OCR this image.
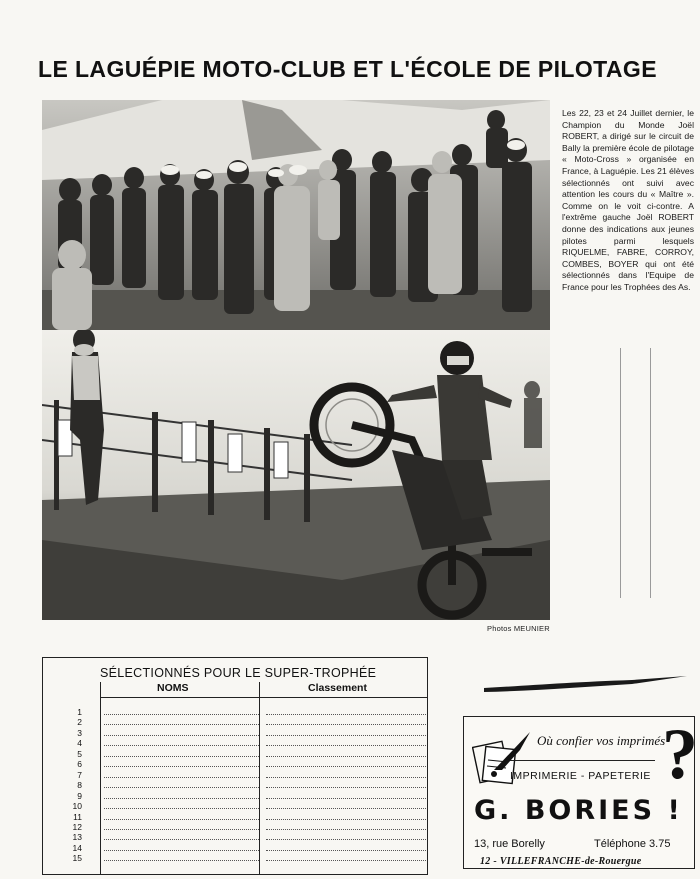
LE LAGUÉPIE MOTO-CLUB ET L'ÉCOLE DE PILOTAGE
Les 22, 23 et 24 Juillet dernier, le Champion du Monde Joël ROBERT, a dirigé sur le circuit de Bally la première école de pilotage « Moto-Cross » organisée en France, à Laguépie. Les 21 élèves sélectionnés ont suivi avec attention les cours du « Maître ». Comme on le voit ci-contre. A l'extrême gauche Joël ROBERT donne des indications aux jeunes pilotes parmi lesquels RIQUELME, FABRE, CORROY, COMBES, BOYER qui ont été sélectionnés dans l'Equipe de France pour les Trophées des As.
Photos MEUNIER
SÉLECTIONNÉS POUR LE SUPER-TROPHÉE
NOMS	Classement
1
2
3
4
5
6
7
8
9
10
11
12
13
14
15
Où confier vos imprimés
?
IMPRIMERIE - PAPETERIE
G. BORIES !
13, rue Borelly	Téléphone 3.75
12 - VILLEFRANCHE-de-Rouergue
